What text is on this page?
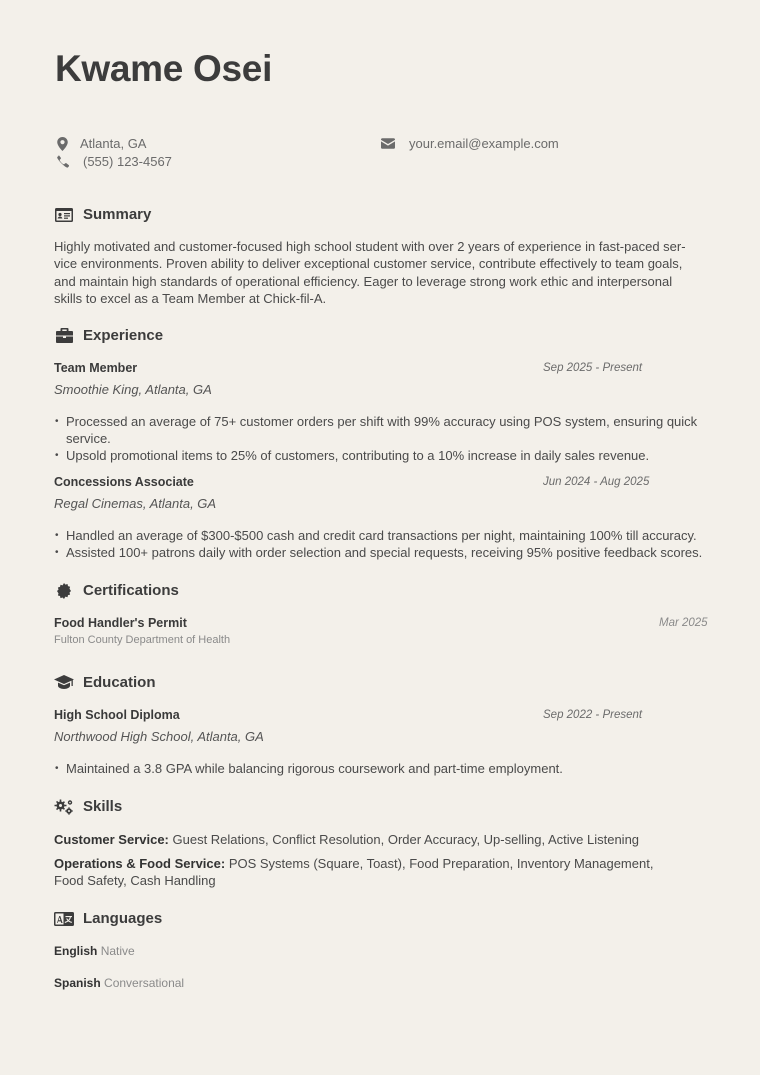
Kwame Osei
Atlanta, GA
(555) 123-4567
your.email@example.com
Summary
Highly motivated and customer-focused high school student with over 2 years of experience in fast-paced ser-
vice environments. Proven ability to deliver exceptional customer service, contribute effectively to team goals,
and maintain high standards of operational efficiency. Eager to leverage strong work ethic and interpersonal
skills to excel as a Team Member at Chick-fil-A.
Experience
Team Member	Sep 2025 - Present
Smoothie King, Atlanta, GA
• Processed an average of 75+ customer orders per shift with 99% accuracy using POS system, ensuring quick
service.
• Upsold promotional items to 25% of customers, contributing to a 10% increase in daily sales revenue.
Concessions Associate	Jun 2024 - Aug 2025
Regal Cinemas, Atlanta, GA
• Handled an average of $300-$500 cash and credit card transactions per night, maintaining 100% till accuracy.
• Assisted 100+ patrons daily with order selection and special requests, receiving 95% positive feedback scores.
Certifications
Food Handler's Permit	Mar 2025
Fulton County Department of Health
Education
High School Diploma	Sep 2022 - Present
Northwood High School, Atlanta, GA
• Maintained a 3.8 GPA while balancing rigorous coursework and part-time employment.
Skills
Customer Service: Guest Relations, Conflict Resolution, Order Accuracy, Up-selling, Active Listening
Operations & Food Service: POS Systems (Square, Toast), Food Preparation, Inventory Management, Food Safety, Cash Handling
Languages
English Native
Spanish Conversational
